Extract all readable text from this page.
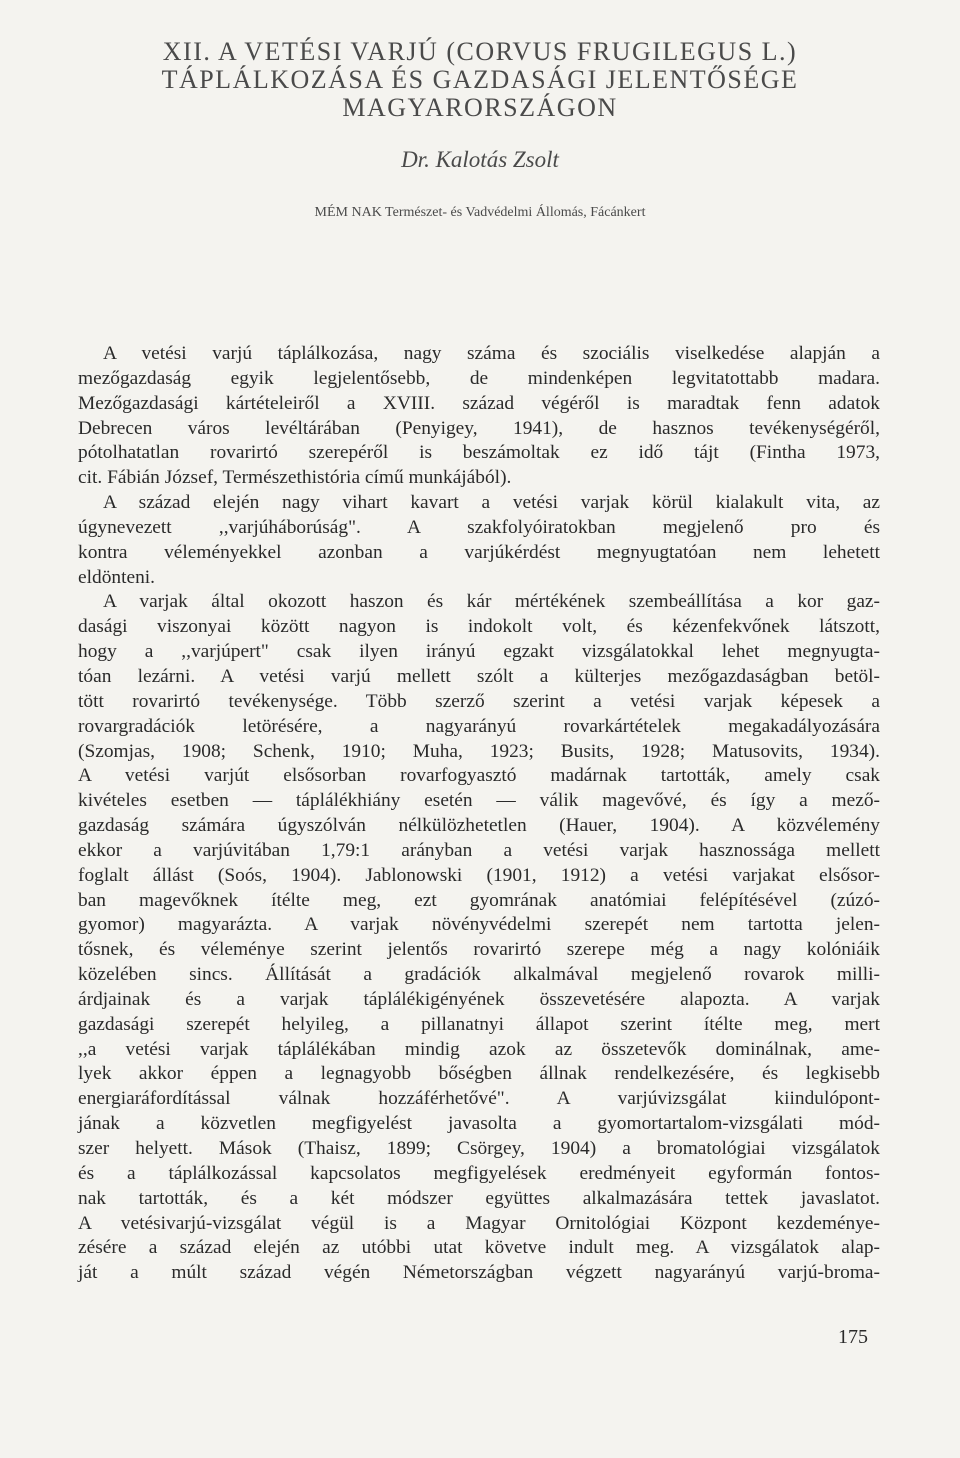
XII. A VETÉSI VARJÚ (CORVUS FRUGILEGUS L.)
TÁPLÁLKOZÁSA ÉS GAZDASÁGI JELENTŐSÉGE
MAGYARORSZÁGON
Dr. Kalotás Zsolt
MÉM NAK Természet- és Vadvédelmi Állomás, Fácánkert
A vetési varjú táplálkozása, nagy száma és szociális viselkedése alapján a
mezőgazdaság egyik legjelentősebb, de mindenképen legvitatottabb madara.
Mezőgazdasági kártételeiről a XVIII. század végéről is maradtak fenn adatok
Debrecen város levéltárában (Penyigey, 1941), de hasznos tevékenységéről,
pótolhatatlan rovarirtó szerepéről is beszámoltak ez idő tájt (Fintha 1973,
cit. Fábián József, Természethistória című munkájából).
A század elején nagy vihart kavart a vetési varjak körül kialakult vita, az
úgynevezett ,,varjúháborúság". A szakfolyóiratokban megjelenő pro és
kontra véleményekkel azonban a varjúkérdést megnyugtatóan nem lehetett
eldönteni.
A varjak által okozott haszon és kár mértékének szembeállítása a kor gaz-
dasági viszonyai között nagyon is indokolt volt, és kézenfekvőnek látszott,
hogy a ,,varjúpert" csak ilyen irányú egzakt vizsgálatokkal lehet megnyugta-
tóan lezárni. A vetési varjú mellett szólt a külterjes mezőgazdaságban betöl-
tött rovarirtó tevékenysége. Több szerző szerint a vetési varjak képesek a
rovargradációk letörésére, a nagyarányú rovarkártételek megakadályozására
(Szomjas, 1908; Schenk, 1910; Muha, 1923; Busits, 1928; Matusovits, 1934).
A vetési varjút elsősorban rovarfogyasztó madárnak tartották, amely csak
kivételes esetben — táplálékhiány esetén — válik magevővé, és így a mező-
gazdaság számára úgyszólván nélkülözhetetlen (Hauer, 1904). A közvélemény
ekkor a varjúvitában 1,79:1 arányban a vetési varjak hasznossága mellett
foglalt állást (Soós, 1904). Jablonowski (1901, 1912) a vetési varjakat elsősor-
ban magevőknek ítélte meg, ezt gyomrának anatómiai felépítésével (zúzó-
gyomor) magyarázta. A varjak növényvédelmi szerepét nem tartotta jelen-
tősnek, és véleménye szerint jelentős rovarirtó szerepe még a nagy kolóniáik
közelében sincs. Állítását a gradációk alkalmával megjelenő rovarok milli-
árdjainak és a varjak táplálékigényének összevetésére alapozta. A varjak
gazdasági szerepét helyileg, a pillanatnyi állapot szerint ítélte meg, mert
,,a vetési varjak táplálékában mindig azok az összetevők dominálnak, ame-
lyek akkor éppen a legnagyobb bőségben állnak rendelkezésére, és legkisebb
energiaráfordítással válnak hozzáférhetővé". A varjúvizsgálat kiindulópont-
jának a közvetlen megfigyelést javasolta a gyomortartalom-vizsgálati mód-
szer helyett. Mások (Thaisz, 1899; Csörgey, 1904) a bromatológiai vizsgálatok
és a táplálkozással kapcsolatos megfigyelések eredményeit egyformán fontos-
nak tartották, és a két módszer együttes alkalmazására tettek javaslatot.
A vetésivarjú-vizsgálat végül is a Magyar Ornitológiai Központ kezdeménye-
zésére a század elején az utóbbi utat követve indult meg. A vizsgálatok alap-
ját a múlt század végén Németországban végzett nagyarányú varjú-broma-
175
